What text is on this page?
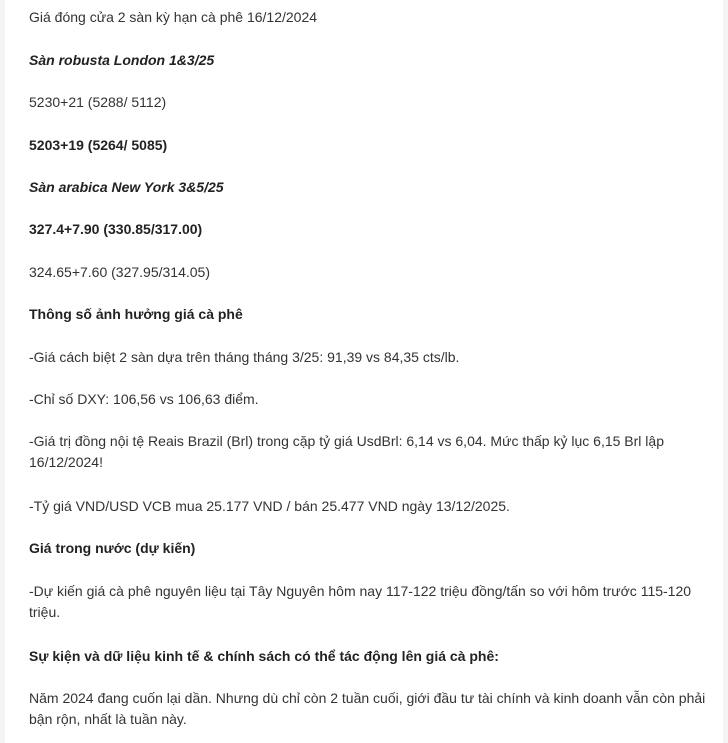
Giá đóng cửa 2 sàn kỳ hạn cà phê 16/12/2024

Sàn robusta London 1&3/25

5230+21 (5288/ 5112)

5203+19 (5264/ 5085)

Sàn arabica New York 3&5/25

327.4+7.90 (330.85/317.00)

324.65+7.60 (327.95/314.05)

Thông số ảnh hưởng giá cà phê

-Giá cách biệt 2 sàn dựa trên tháng tháng 3/25: 91,39 vs 84,35 cts/lb.

-Chỉ số DXY: 106,56 vs 106,63 điểm.

-Giá trị đồng nội tệ Reais Brazil (Brl) trong cặp tỷ giá UsdBrl: 6,14 vs 6,04. Mức thấp kỷ lục 6,15 Brl lập 16/12/2024!

-Tỷ giá VND/USD VCB mua 25.177 VND / bán 25.477 VND ngày 13/12/2025.

Giá trong nước (dự kiến)

-Dự kiến giá cà phê nguyên liệu tại Tây Nguyên hôm nay 117-122 triệu đồng/tấn so với hôm trước 115-120 triệu.

Sự kiện và dữ liệu kinh tế & chính sách có thể tác động lên giá cà phê:

Năm 2024 đang cuốn lại dần. Nhưng dù chỉ còn 2 tuần cuối, giới đầu tư tài chính và kinh doanh vẫn còn phải bận rộn, nhất là tuần này.
